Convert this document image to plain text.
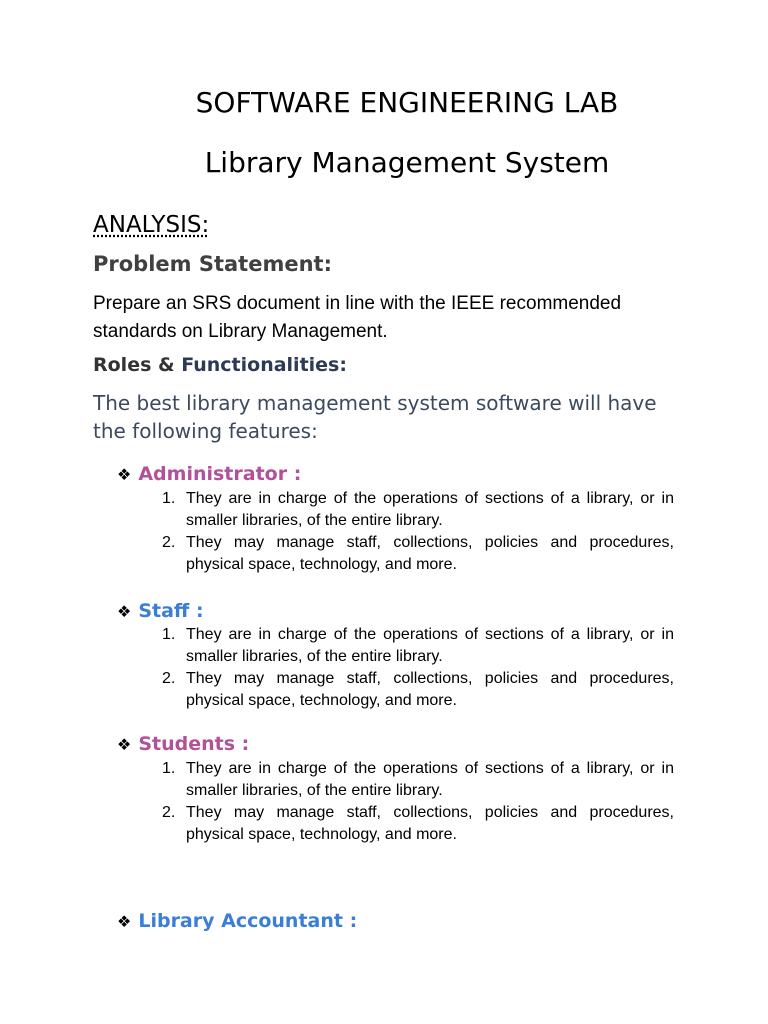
SOFTWARE ENGINEERING LAB
Library Management System
ANALYSIS:
Problem Statement:
Prepare an SRS document in line with the IEEE recommended standards on Library Management.
Roles & Functionalities:
The best library management system software will have the following features:
❖ Administrator :
1. They are in charge of the operations of sections of a library, or in smaller libraries, of the entire library.
2. They may manage staff, collections, policies and procedures, physical space, technology, and more.
❖ Staff :
1. They are in charge of the operations of sections of a library, or in smaller libraries, of the entire library.
2. They may manage staff, collections, policies and procedures, physical space, technology, and more.
❖ Students :
1. They are in charge of the operations of sections of a library, or in smaller libraries, of the entire library.
2. They may manage staff, collections, policies and procedures, physical space, technology, and more.
❖ Library Accountant :
